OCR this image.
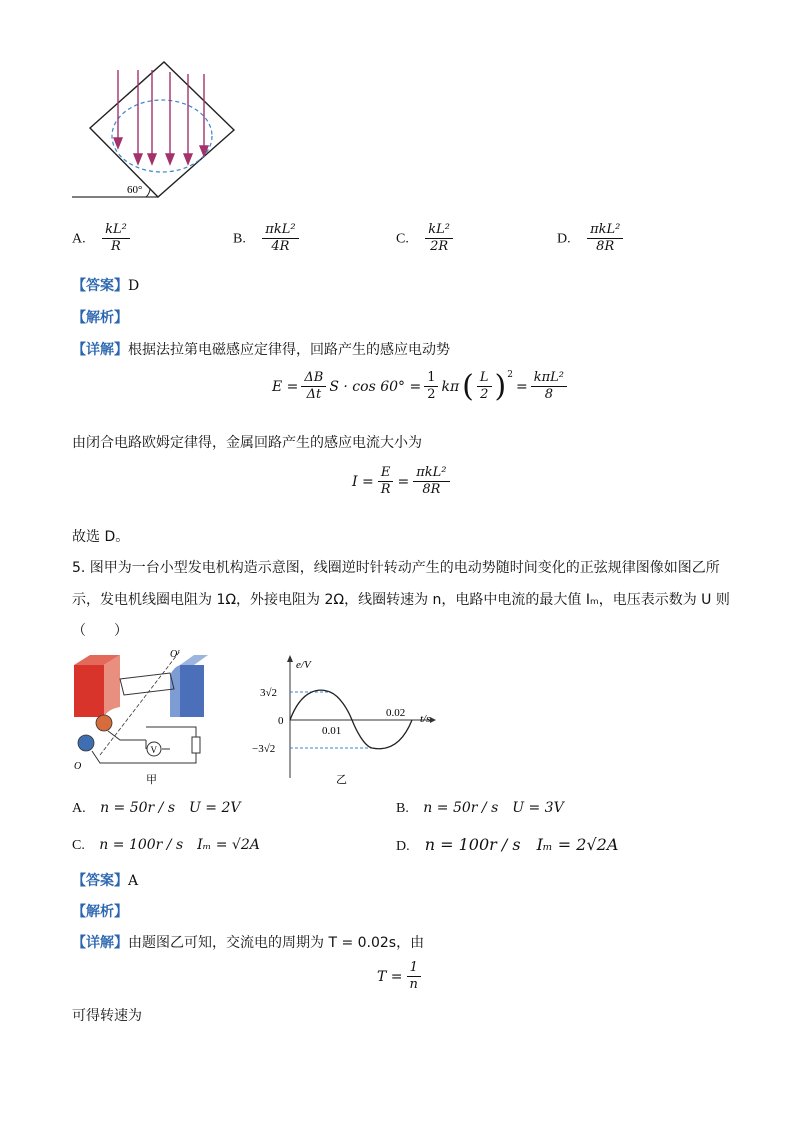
60°
A. $\frac{\text{kL²}}{R}$	B. $\frac{\text{πkL²}}{4R}$	C. $\frac{\text{kL²}}{2R}$	D. $\frac{\text{πkL²}}{8R}$
【答案】D
【解析】
【详解】根据法拉第电磁感应定律得，回路产生的感应电动势
$E = \frac{\Delta B}{\Delta t}$ $S \cdot \cos 60^\circ = \frac{1}{2}$ kπ ( $\frac{L}{2} )^2$
= $\frac{\text{kπL²}}{8}$
由闭合电路欧姆定律得，金属回路产生的感应电流大小为
$I = \frac{E}{R} = \frac{\text{πkL²}}{8R}$
故选 D。
5. 图甲为一台小型发电机构造示意图，线圈逆时针转动产生的电动势随时间变化的正弦规律图像如图乙所
示，发电机线圈电阻为 1Ω，外接电阻为 2Ω，线圈转速为 n，电路中电流的最大值 Iₘ，电压表示数为 U 则
（　　）
O′
O
V
甲
e/V
t/s
3√2
−3√2
0
0.01
0.02
乙
A. n = 50r / s　U = 2V	B. n = 50r / s　U = 3V
C. n = 100r / s　Iₘ = √2A	D. n = 100r / s　Iₘ = 2√2A
【答案】A
【解析】
【详解】由题图乙可知，交流电的周期为 T = 0.02s，由
$T = \frac{1}{n}$
可得转速为
